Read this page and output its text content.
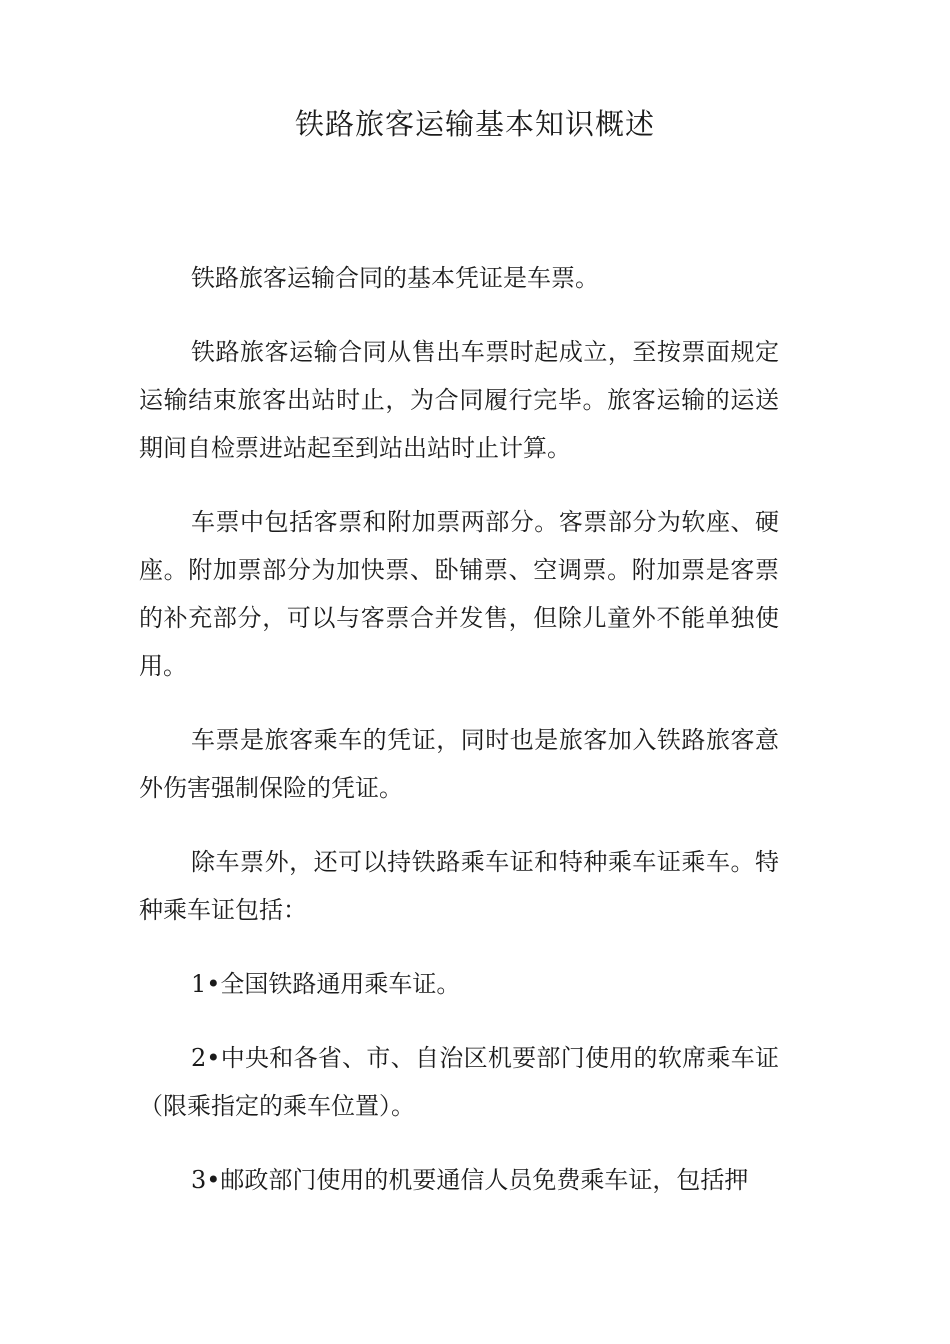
铁路旅客运输基本知识概述

铁路旅客运输合同的基本凭证是车票。

铁路旅客运输合同从售出车票时起成立，至按票面规定运输结束旅客出站时止，为合同履行完毕。旅客运输的运送期间自检票进站起至到站出站时止计算。

车票中包括客票和附加票两部分。客票部分为软座、硬座。附加票部分为加快票、卧铺票、空调票。附加票是客票的补充部分，可以与客票合并发售，但除儿童外不能单独使用。

车票是旅客乘车的凭证，同时也是旅客加入铁路旅客意外伤害强制保险的凭证。

除车票外，还可以持铁路乘车证和特种乘车证乘车。特种乘车证包括：

1•全国铁路通用乘车证。

2•中央和各省、市、自治区机要部门使用的软席乘车证（限乘指定的乘车位置）。

3•邮政部门使用的机要通信人员免费乘车证，包括押
